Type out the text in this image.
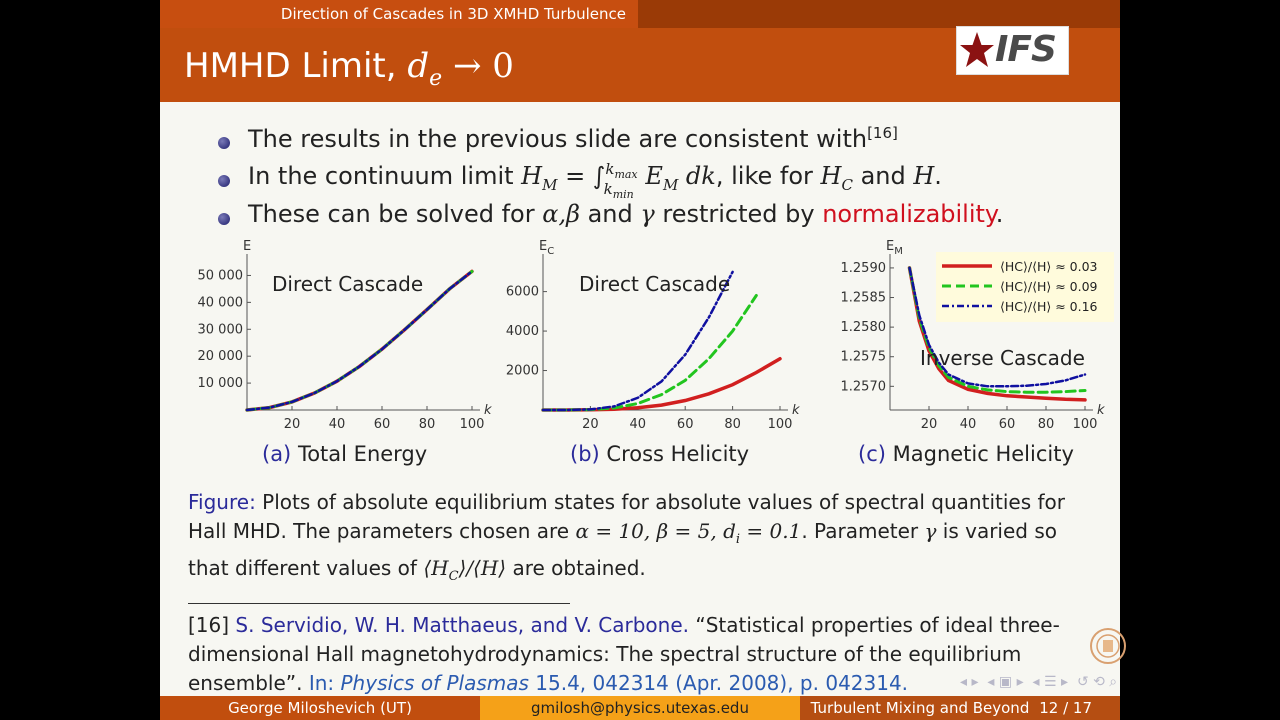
Direction of Cascades in 3D XMHD Turbulence
HMHD Limit, $d_e \to 0$	IFS
The results in the previous slide are consistent with[16]
In the continuum limit $H_M = \int^{k_{max}}_{k_{min}}$ $E_M$ dk, like for $H_C$ and H.
These can be solved for α,β and γ restricted by normalizability.
10 000
20 000
30 000
40 000
50 000
20 40 60 80 100
k
E
Direct Cascade
2000
4000
6000
20 40 60 80 100
k
$E_C$
Direct Cascade
1.2570
1.2575
1.2580
1.2585
1.2590
20 40 60 80 100
k
$E_M$
Inverse Cascade
⟨HC⟩/⟨H⟩ ≈ 0.03
⟨HC⟩/⟨H⟩ ≈ 0.09
⟨HC⟩/⟨H⟩ ≈ 0.16
(a) Total Energy	(b) Cross Helicity	(c) Magnetic Helicity
Figure: Plots of absolute equilibrium states for absolute values of spectral quantities for Hall MHD. The parameters chosen are α = 10, β = 5, $d_i = 0.1$. Parameter γ is varied so that different values of $⟨H_C⟩/⟨H⟩$ are obtained.
[16] S. Servidio, W. H. Matthaeus, and V. Carbone. “Statistical properties of ideal three-dimensional Hall magnetohydrodynamics: The spectral structure of the equilibrium ensemble”. In: Physics of Plasmas 15.4, 042314 (Apr. 2008), p. 042314.	◂ ▸ ◂ ▣ ▸ ◂ ☰ ▸ ↺ ⟲ ⌕
George Miloshevich (UT)	gmilosh@physics.utexas.edu	Turbulent Mixing and Beyond 12 / 17
